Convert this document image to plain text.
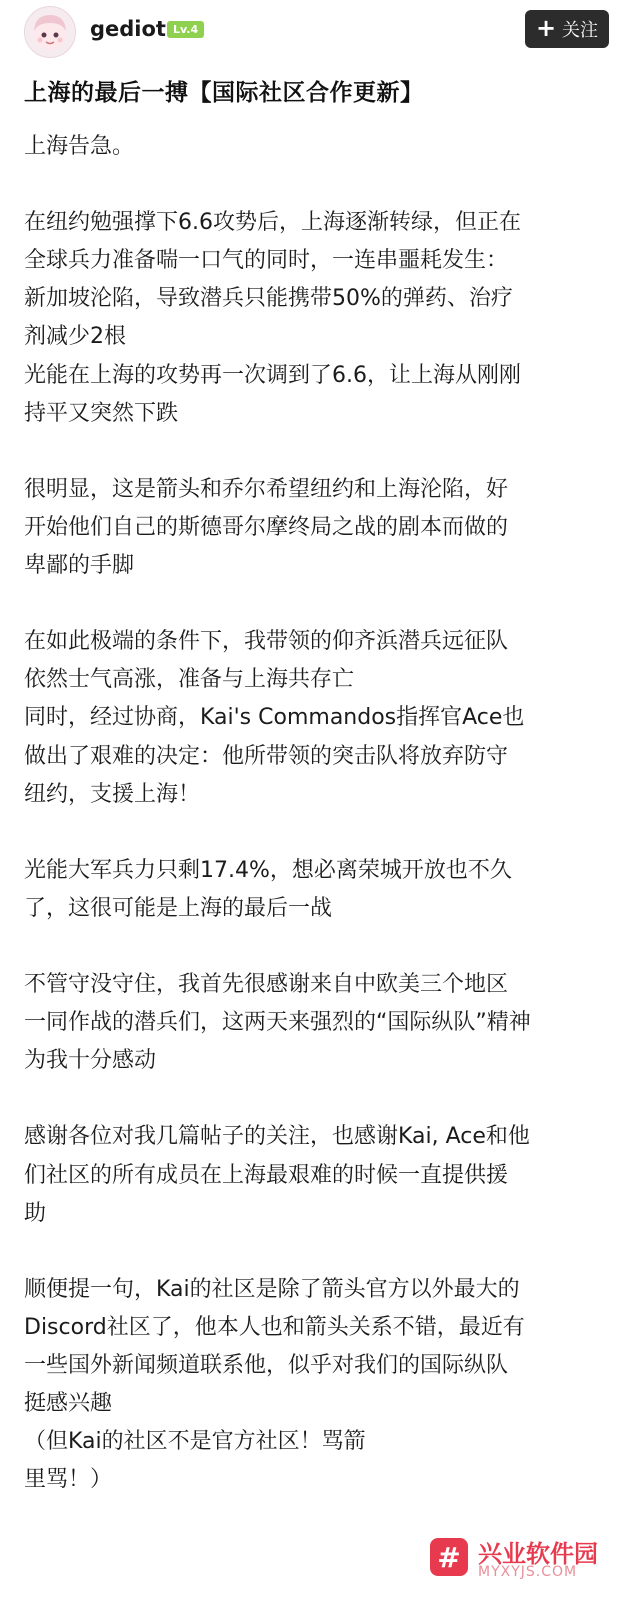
gediot Lv.4	+ 关注
上海的最后一搏【国际社区合作更新】
上海告急。
在纽约勉强撑下6.6攻势后，上海逐渐转绿，但正在
全球兵力准备喘一口气的同时，一连串噩耗发生：
新加坡沦陷，导致潜兵只能携带50%的弹药、治疗
剂减少2根
光能在上海的攻势再一次调到了6.6，让上海从刚刚
持平又突然下跌
很明显，这是箭头和乔尔希望纽约和上海沦陷，好
开始他们自己的斯德哥尔摩终局之战的剧本而做的
卑鄙的手脚
在如此极端的条件下，我带领的仰齐浜潜兵远征队
依然士气高涨，准备与上海共存亡
同时，经过协商，Kai's Commandos指挥官Ace也
做出了艰难的决定：他所带领的突击队将放弃防守
纽约，支援上海！
光能大军兵力只剩17.4%，想必离荣城开放也不久
了，这很可能是上海的最后一战
不管守没守住，我首先很感谢来自中欧美三个地区
一同作战的潜兵们，这两天来强烈的“国际纵队”精神
为我十分感动
感谢各位对我几篇帖子的关注，也感谢Kai, Ace和他
们社区的所有成员在上海最艰难的时候一直提供援
助
顺便提一句，Kai的社区是除了箭头官方以外最大的
Discord社区了，他本人也和箭头关系不错，最近有
一些国外新闻频道联系他，似乎对我们的国际纵队
挺感兴趣
（但Kai的社区不是官方社区！骂箭
里骂！）
# 兴业软件园
MYXYJS.COM
